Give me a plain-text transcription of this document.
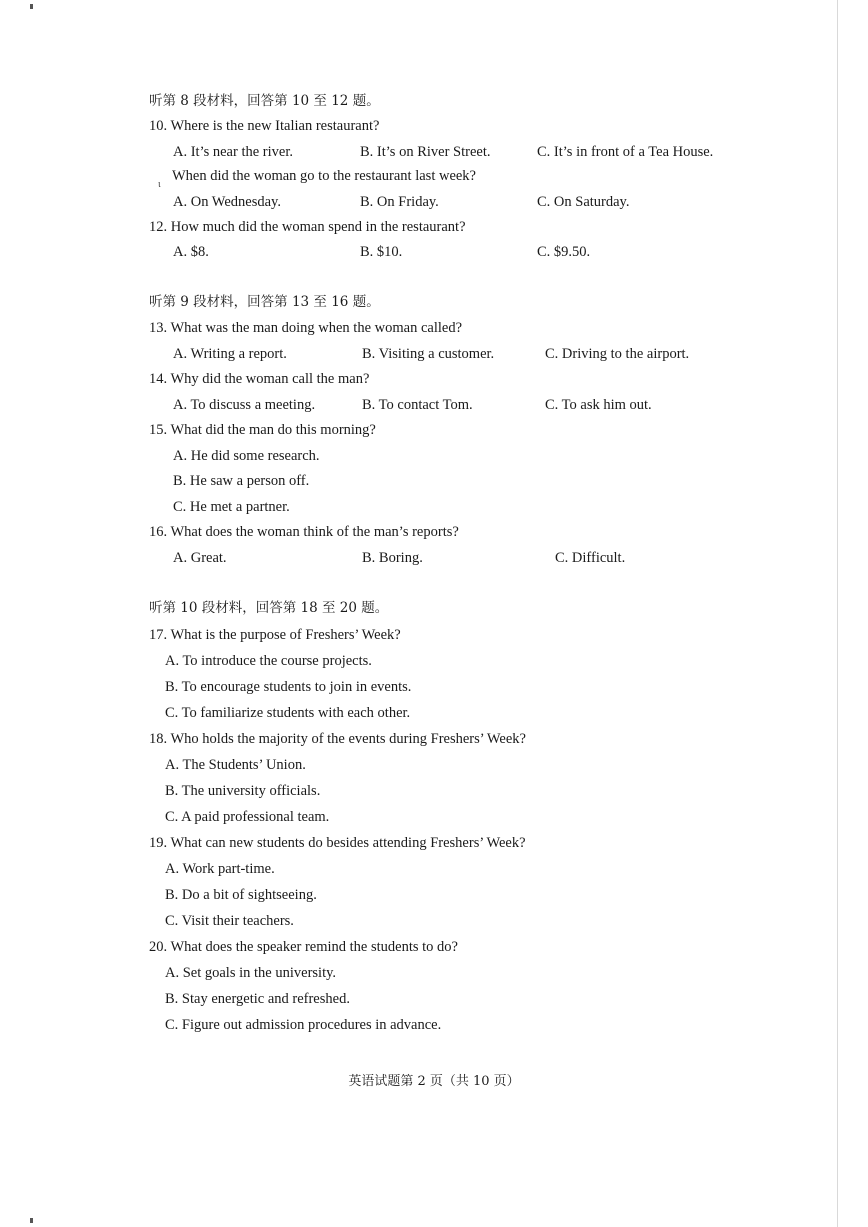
听第 8 段材料，回答第 10 至 12 题。
10. Where is the new Italian restaurant?
A. It’s near the river.	B. It’s on River Street.	C. It’s in front of a Tea House.
ι
When did the woman go to the restaurant last week?
A. On Wednesday.	B. On Friday.	C. On Saturday.
12. How much did the woman spend in the restaurant?
A. $8.	B. $10.	C. $9.50.
听第 9 段材料，回答第 13 至 16 题。
13. What was the man doing when the woman called?
A. Writing a report.	B. Visiting a customer.	C. Driving to the airport.
14. Why did the woman call the man?
A. To discuss a meeting.	B. To contact Tom.	C. To ask him out.
15. What did the man do this morning?
A. He did some research.
B. He saw a person off.
C. He met a partner.
16. What does the woman think of the man’s reports?
A. Great.	B. Boring.	C. Difficult.
听第 10 段材料，回答第 18 至 20 题。
17. What is the purpose of Freshers’ Week?
A. To introduce the course projects.
B. To encourage students to join in events.
C. To familiarize students with each other.
18. Who holds the majority of the events during Freshers’ Week?
A. The Students’ Union.
B. The university officials.
C. A paid professional team.
19. What can new students do besides attending Freshers’ Week?
A. Work part-time.
B. Do a bit of sightseeing.
C. Visit their teachers.
20. What does the speaker remind the students to do?
A. Set goals in the university.
B. Stay energetic and refreshed.
C. Figure out admission procedures in advance.
英语试题第 2 页（共 10 页）
